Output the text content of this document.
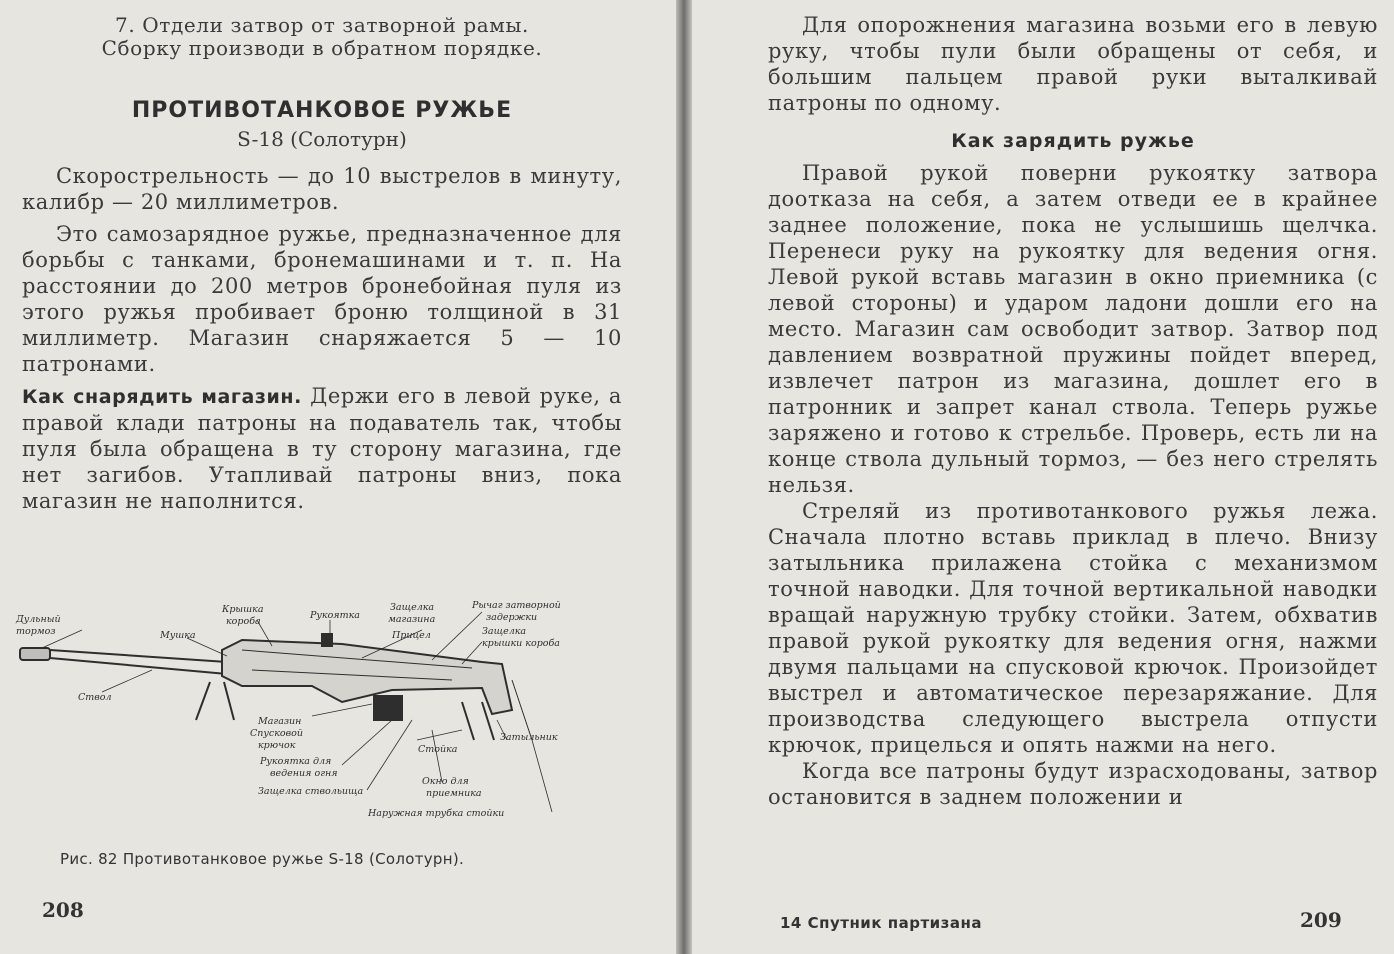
7. Отдели затвор от затворной рамы.

Сборку производи в обратном порядке.

ПРОТИВОТАНКОВОЕ РУЖЬЕ

S-18 (Солотурн)

Скорострельность — до 10 выстрелов в минуту, калибр — 20 миллиметров.

Это самозарядное ружье, предназначенное для борьбы с танками, бронемашинами и т. п. На расстоянии до 200 метров бронебойная пуля из этого ружья пробивает броню толщиной в 31 миллиметр. Магазин снаряжается 5 — 10 патронами.

Как снарядить магазин. Держи его в левой руке, а правой клади патроны на подаватель так, чтобы пуля была обращена в ту сторону магазина, где нет загибов. Утапливай патроны вниз, пока магазин не наполнится.

Дульный
тормоз	Мушка
Крышка
короба
Рукоятка
Защелка
магазина
Рычаг затворной
задержки
Защелка
крышки короба
Прицел
Ствол
Магазин
Спусковой
крючок
Рукоятка для
ведения огня
Защелка ствольища
Стойка
Затыльник
Окно для
приемника
Наружная трубка стойки
Рис. 82 Противотанковое ружье S-18 (Солотурн).
208

Для опорожнения магазина возьми его в левую руку, чтобы пули были обращены от себя, и большим пальцем правой руки выталкивай патроны по одному.

Как зарядить ружье

Правой рукой поверни рукоятку затвора доотказа на себя, а затем отведи ее в крайнее заднее положение, пока не услышишь щелчка. Перенеси руку на рукоятку для ведения огня. Левой рукой вставь магазин в окно приемника (с левой стороны) и ударом ладони дошли его на место. Магазин сам освободит затвор. Затвор под давлением возвратной пружины пойдет вперед, извлечет патрон из магазина, дошлет его в патронник и запрет канал ствола. Теперь ружье заряжено и готово к стрельбе. Проверь, есть ли на конце ствола дульный тормоз, — без него стрелять нельзя.

Стреляй из противотанкового ружья лежа. Сначала плотно вставь приклад в плечо. Внизу затыльника прилажена стойка с механизмом точной наводки. Для точной вертикальной наводки вращай наружную трубку стойки. Затем, обхватив правой рукой рукоятку для ведения огня, нажми двумя пальцами на спусковой крючок. Произойдет выстрел и автоматическое перезаряжание. Для производства следующего выстрела отпусти крючок, прицелься и опять нажми на него.

Когда все патроны будут израсходованы, затвор остановится в заднем положении и

14 Спутник партизана	209
